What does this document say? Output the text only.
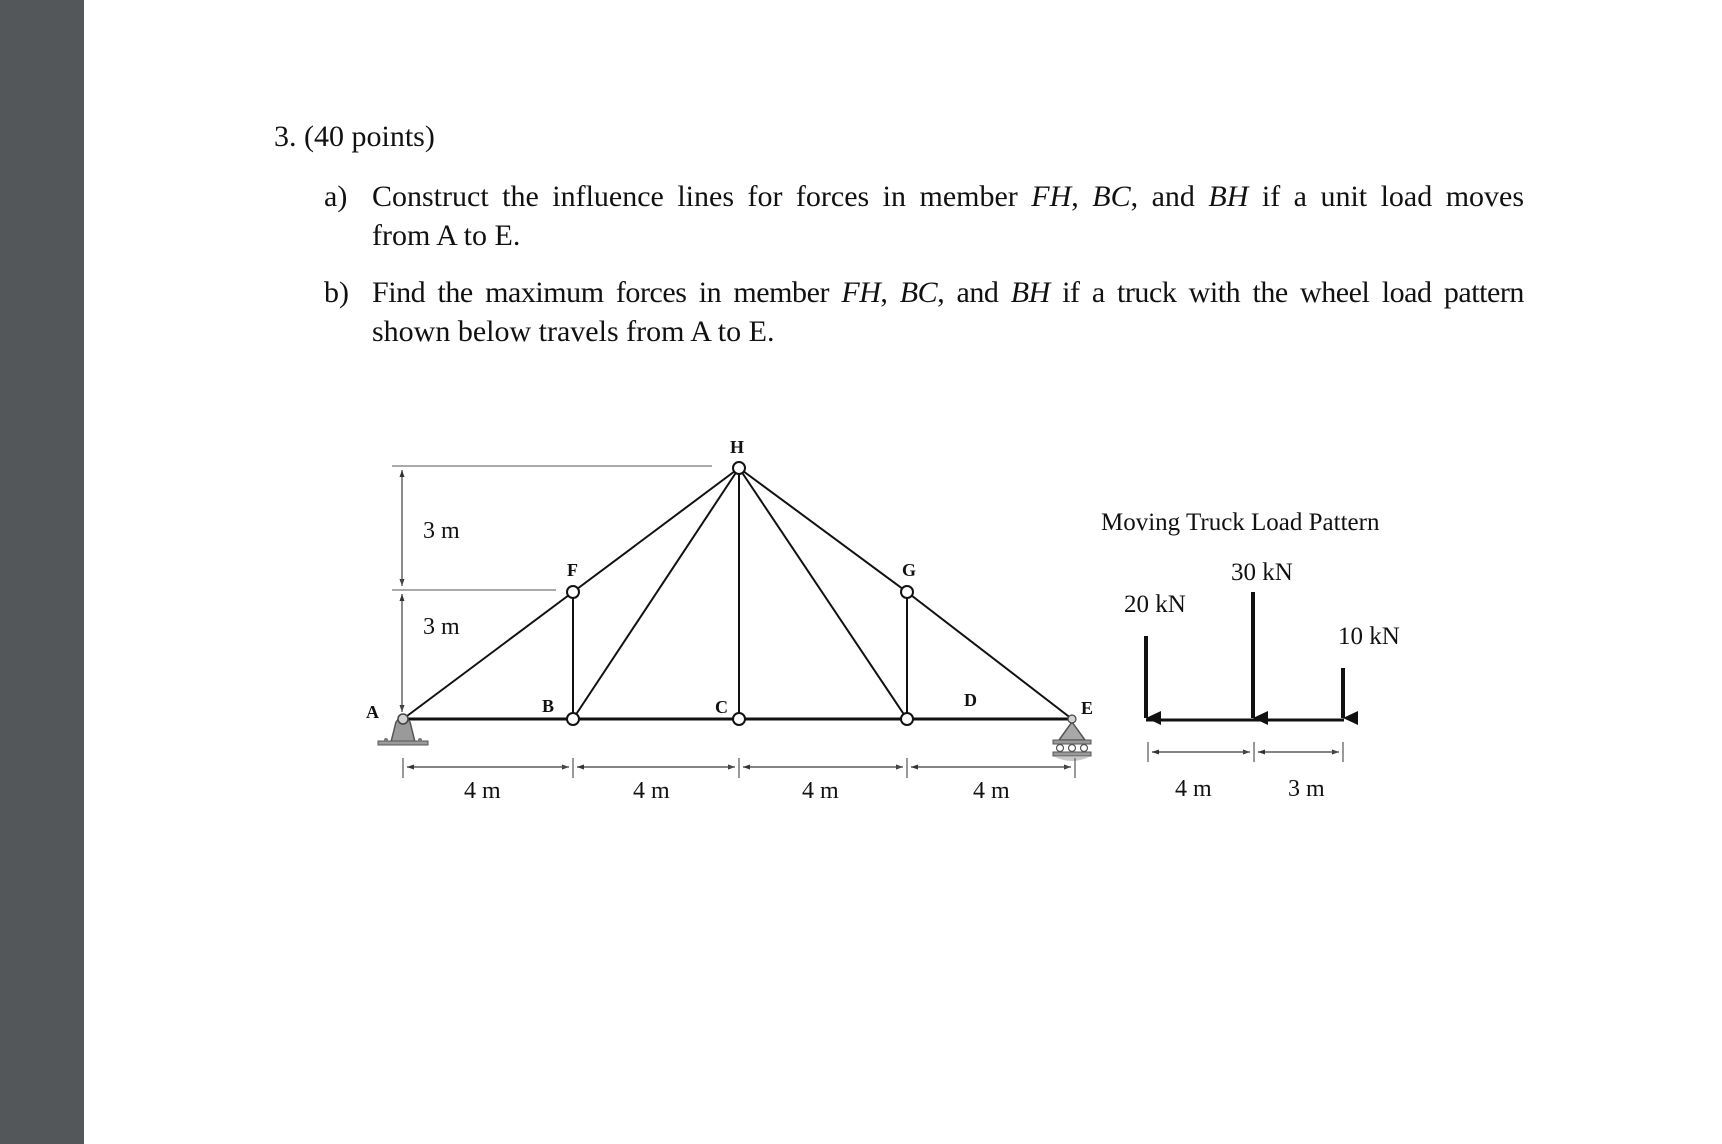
3. (40 points)
a) Construct the influence lines for forces in member FH, BC, and BH if a unit load moves
from A to E.
b) Find the maximum forces in member FH, BC, and BH if a truck with the wheel load pattern
shown below travels from A to E.
3 m
3 m
A	B	C	D	E
F	G
H
4 m	4 m	4 m	4 m
Moving Truck Load Pattern
20 kN
30 kN
10 kN
4 m	3 m
